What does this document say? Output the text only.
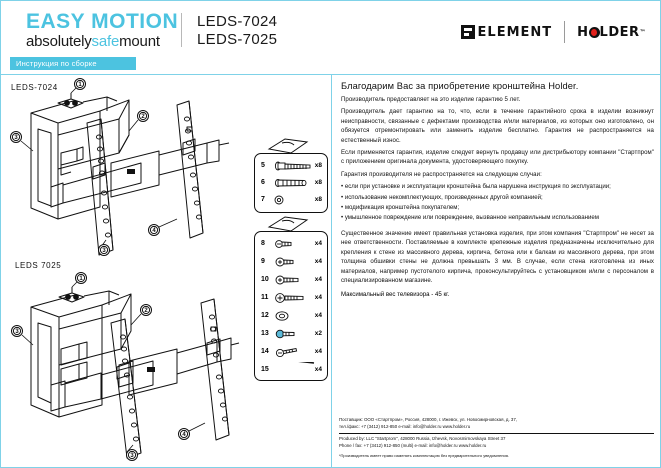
EASY MOTION
absolutelysafemount
LEDS-7024
LEDS-7025	ELEMENT H LDER ™
Инструкция по сборке
LEDS-7024
LEDS 7025
1
2
3
3
4
1
2
3
3
4
5	x8
6	x8
7	x8
8	x4
9	x4
10	x4
11	x4
12	x4
13	x2
14	x4
15	x4
Благодарим Вас за приобретение кронштейна Holder.

Производитель предоставляет на это изделие гарантию 5 лет.

Производитель дает гарантию на то, что, если в течение гарантийного срока в изделии возникнут неисправности, связанные с дефектами производства и/или материалов, из которых оно изготовлено, он обязуется отремонтировать или заменить изделие бесплатно. Гарантия не распространяется на естественный износ.

Если применяется гарантия, изделие следует вернуть продавцу или дистрибьютору компании "Стартпром" с приложением оригинала документа, удостоверяющего покупку.

Гарантия производителя не распространяется на следующие случаи:

• если при установке и эксплуатации кронштейна была нарушена инструкция по эксплуатации;

• использование некомплектующих, произведенных другой компанией;

• модификация кронштейна покупателем;

• умышленное повреждение или повреждение, вызванное неправильным использованием

Существенное значение имеет правильная установка изделия, при этом компания "Стартпром" не несет за нее ответственности. Поставляемые в комплекте крепежные изделия предназначены исключительно для крепления к стене из массивного дерева, кирпича, бетона или к балкам из массивного дерева, при этом толщина обшивки стены не должна превышать 3 мм. В случае, если стена изготовлена из иных материалов, например пустотелого кирпича, проконсультируйтесь с установщиком и/или с персоналом в специализированном магазине.

Максимальный вес телевизора - 45 кг.

Поставщик: ООО «Стартпром», Россия, 428000, г. Ижевск, ул. Новосмирновская, д. 37,

тел./факс: +7 (3412) 912-850 e-mail: info@holder.ru www.holder.ru

Produced by: LLC "Startprom", 428000 Russia, Izhevsk, Novosmirnovskaya Street 37

Phone / fax: +7 (3412) 912-850 (multi) e-mail: info@holder.ru www.holder.ru

*Производитель имеет право изменять комплектацию без предварительного уведомления.
